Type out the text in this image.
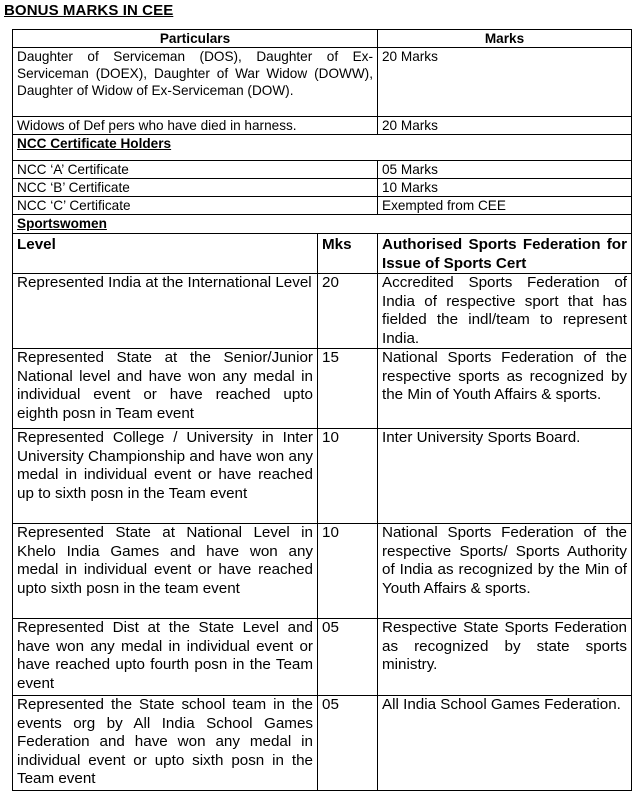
BONUS MARKS IN CEE
Particulars		Marks
Daughter of Serviceman (DOS), Daughter of Ex-Serviceman (DOEX), Daughter of War Widow (DOWW), Daughter of Widow of Ex-Serviceman (DOW).		20 Marks
Widows of Def pers who have died in harness.		20 Marks
NCC Certificate Holders		
NCC ‘A’ Certificate		05 Marks
NCC ‘B’ Certificate		10 Marks
NCC ‘C’ Certificate		Exempted from CEE
Sportswomen		
Level	Mks	Authorised Sports Federation for Issue of Sports Cert
Represented India at the International Level	20	Accredited Sports Federation of India of respective sport that has fielded the indl/team to represent India.
Represented State at the Senior/Junior National level and have won any medal in individual event or have reached upto eighth posn in Team event	15	National Sports Federation of the respective sports as recognized by the Min of Youth Affairs & sports.
Represented College / University in Inter University Championship and have won any medal in individual event or have reached up to sixth posn in the Team event	10	Inter University Sports Board.
Represented State at National Level in Khelo India Games and have won any medal in individual event or have reached upto sixth posn in the team event	10	National Sports Federation of the respective Sports/ Sports Authority of India as recognized by the Min of Youth Affairs & sports.
Represented Dist at the State Level and have won any medal in individual event or have reached upto fourth posn in the Team event	05	Respective State Sports Federation as recognized by state sports ministry.
Represented the State school team in the events org by All India School Games Federation and have won any medal in individual event or upto sixth posn in the Team event	05	All India School Games Federation.
